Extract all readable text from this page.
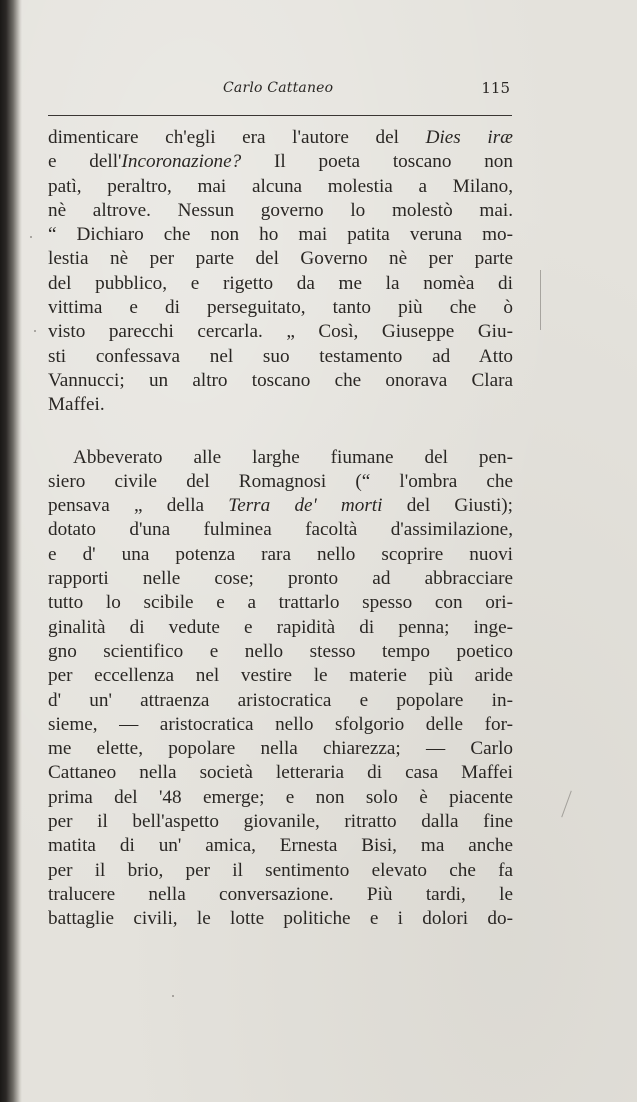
Carlo Cattaneo	115
dimenticare ch'egli era l'autore del Dies iræ
e dell'Incoronazione? Il poeta toscano non
patì, peraltro, mai alcuna molestia a Milano,
nè altrove. Nessun governo lo molestò mai.
“ Dichiaro che non ho mai patita veruna mo-
lestia nè per parte del Governo nè per parte
del pubblico, e rigetto da me la nomèa di
vittima e di perseguitato, tanto più che ò
visto parecchi cercarla. „ Così, Giuseppe Giu-
sti confessava nel suo testamento ad Atto
Vannucci; un altro toscano che onorava Clara
Maffei.
Abbeverato alle larghe fiumane del pen-
siero civile del Romagnosi (“ l'ombra che
pensava „ della Terra de' morti del Giusti);
dotato d'una fulminea facoltà d'assimilazione,
e d' una potenza rara nello scoprire nuovi
rapporti nelle cose; pronto ad abbracciare
tutto lo scibile e a trattarlo spesso con ori-
ginalità di vedute e rapidità di penna; inge-
gno scientifico e nello stesso tempo poetico
per eccellenza nel vestire le materie più aride
d' un' attraenza aristocratica e popolare in-
sieme, — aristocratica nello sfolgorio delle for-
me elette, popolare nella chiarezza; — Carlo
Cattaneo nella società letteraria di casa Maffei
prima del '48 emerge; e non solo è piacente
per il bell'aspetto giovanile, ritratto dalla fine
matita di un' amica, Ernesta Bisi, ma anche
per il brio, per il sentimento elevato che fa
tralucere nella conversazione. Più tardi, le
battaglie civili, le lotte politiche e i dolori do-
